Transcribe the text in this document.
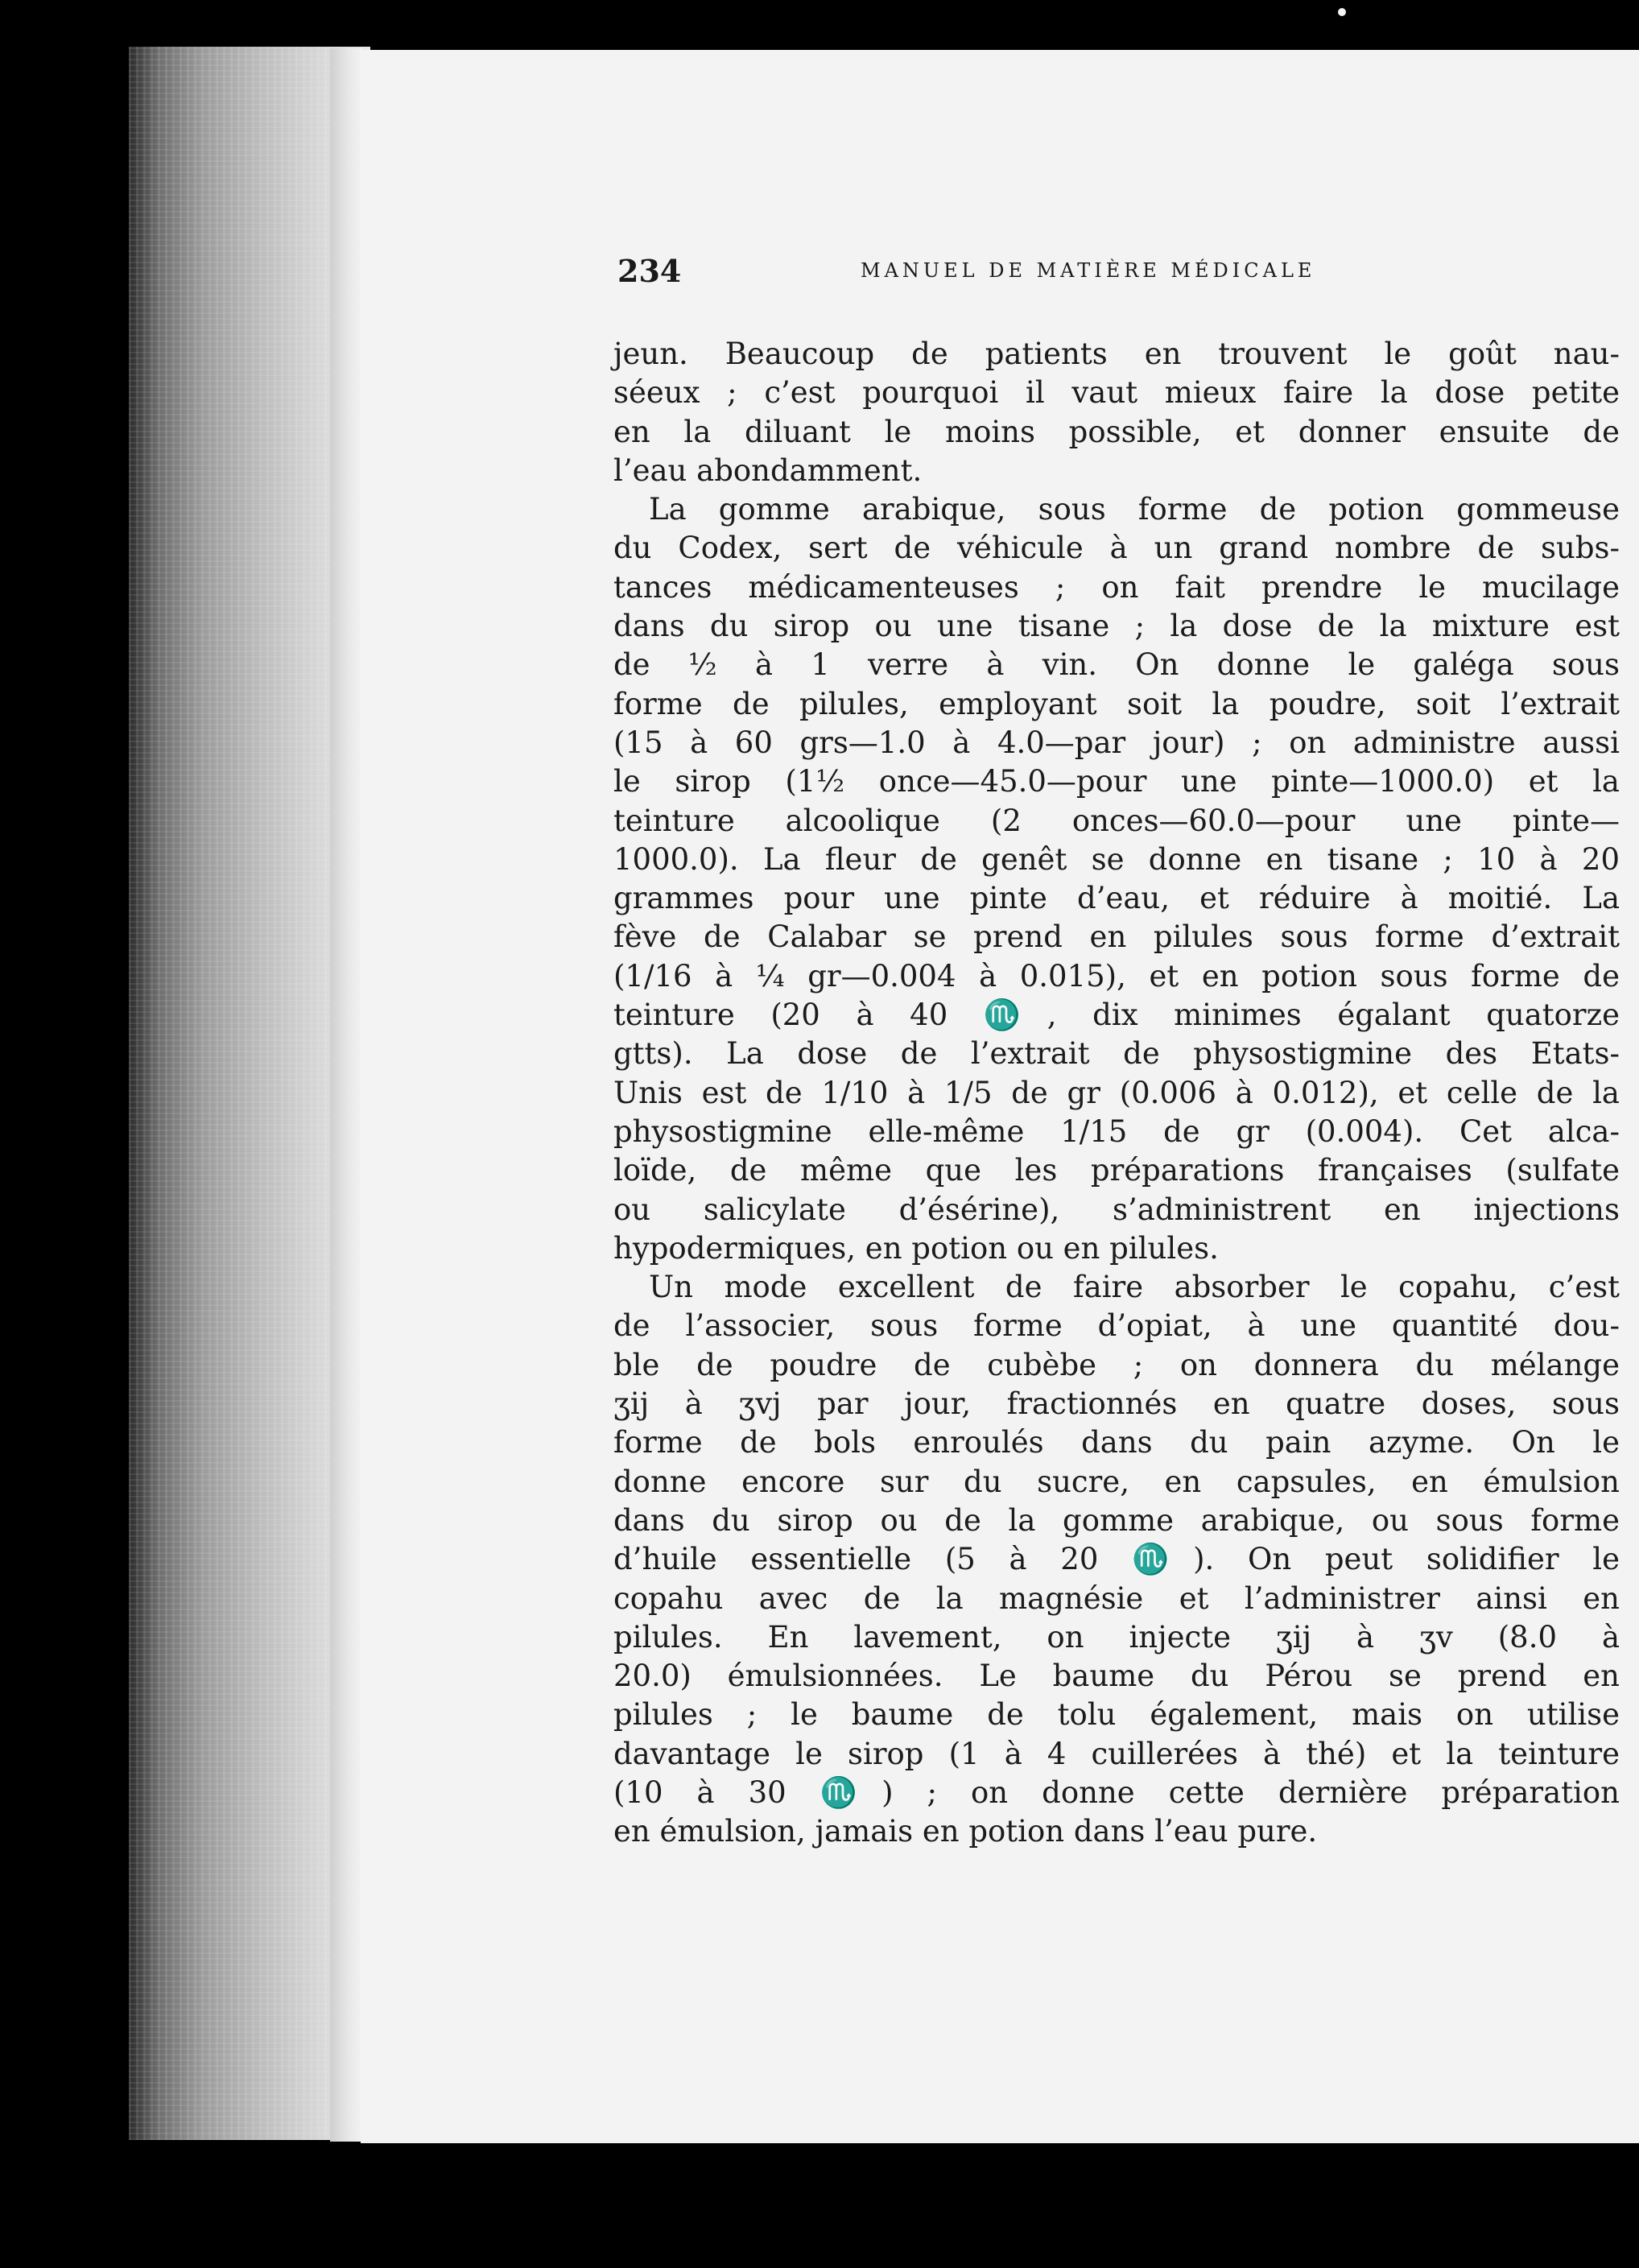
234	MANUEL DE MATIÈRE MÉDICALE
jeun. Beaucoup de patients en trouvent le goût nau-
séeux ; c’est pourquoi il vaut mieux faire la dose petite
en la diluant le moins possible, et donner ensuite de
l’eau abondamment.
La gomme arabique, sous forme de potion gommeuse
du Codex, sert de véhicule à un grand nombre de subs-
tances médicamenteuses ; on fait prendre le mucilage
dans du sirop ou une tisane ; la dose de la mixture est
de ½ à 1 verre à vin. On donne le galéga sous
forme de pilules, employant soit la poudre, soit l’extrait
(15 à 60 grs—1.0 à 4.0—par jour) ; on administre aussi
le sirop (1½ once—45.0—pour une pinte—1000.0) et la
teinture alcoolique (2 onces—60.0—pour une pinte—
1000.0). La fleur de genêt se donne en tisane ; 10 à 20
grammes pour une pinte d’eau, et réduire à moitié. La
fève de Calabar se prend en pilules sous forme d’extrait
(1/16 à ¼ gr—0.004 à 0.015), et en potion sous forme de
teinture (20 à 40 ♏, dix minimes égalant quatorze
gtts). La dose de l’extrait de physostigmine des Etats-
Unis est de 1/10 à 1/5 de gr (0.006 à 0.012), et celle de la
physostigmine elle-même 1/15 de gr (0.004). Cet alca-
loïde, de même que les préparations françaises (sulfate
ou salicylate d’ésérine), s’administrent en injections
hypodermiques, en potion ou en pilules.
Un mode excellent de faire absorber le copahu, c’est
de l’associer, sous forme d’opiat, à une quantité dou-
ble de poudre de cubèbe ; on donnera du mélange
ʒij à ʒvj par jour, fractionnés en quatre doses, sous
forme de bols enroulés dans du pain azyme. On le
donne encore sur du sucre, en capsules, en émulsion
dans du sirop ou de la gomme arabique, ou sous forme
d’huile essentielle (5 à 20 ♏). On peut solidifier le
copahu avec de la magnésie et l’administrer ainsi en
pilules. En lavement, on injecte ʒij à ʒv (8.0 à
20.0) émulsionnées. Le baume du Pérou se prend en
pilules ; le baume de tolu également, mais on utilise
davantage le sirop (1 à 4 cuillerées à thé) et la teinture
(10 à 30 ♏) ; on donne cette dernière préparation
en émulsion, jamais en potion dans l’eau pure.
